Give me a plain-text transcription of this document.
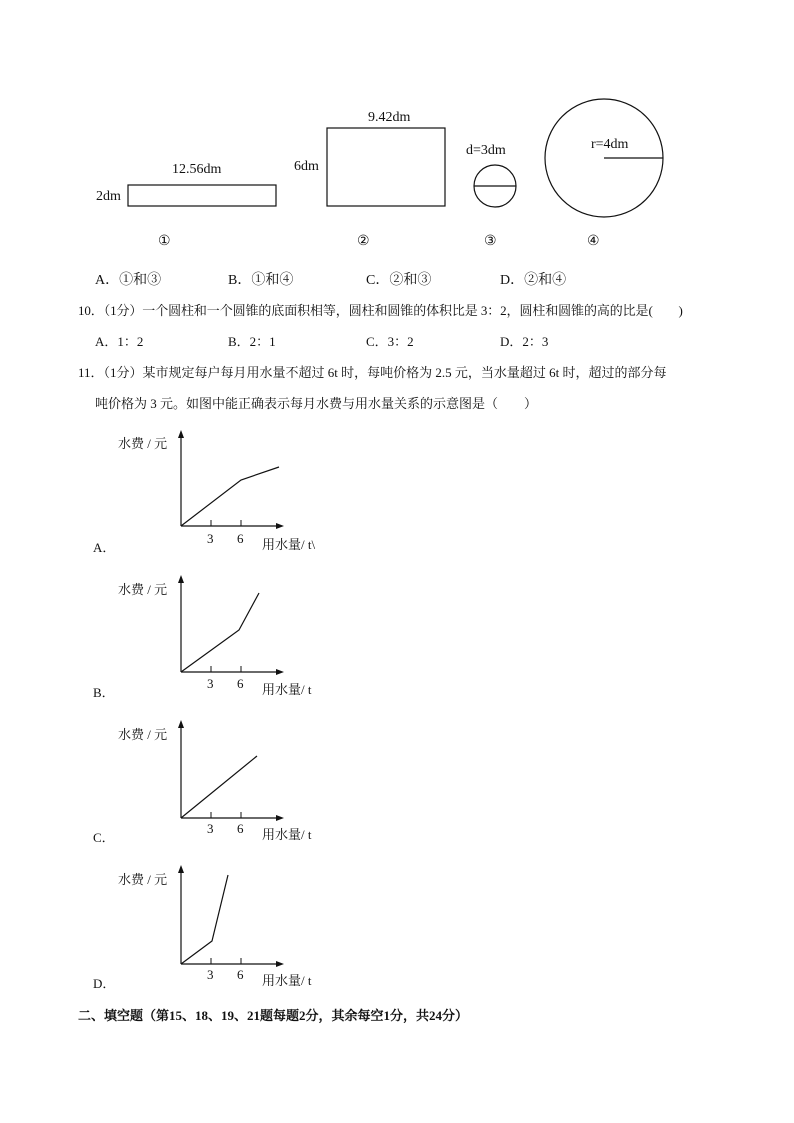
12.56dm
2dm
9.42dm
6dm
d=3dm	r=4dm
①	②	③	④
A．①和③	B．①和④	C．②和③	D．②和④
10．（1分）一个圆柱和一个圆锥的底面积相等，圆柱和圆锥的体积比是 3：2，圆柱和圆锥的高的比是(　　)
A．1：2	B．2：1	C．3：2	D．2：3
11．（1分）某市规定每户每月用水量不超过 6t 时，每吨价格为 2.5 元，当水量超过 6t 时，超过的部分每
吨价格为 3 元。如图中能正确表示每月水费与用水量关系的示意图是（　　）
水费 / 元
用水量/ t\
3 6
A．
水费 / 元
用水量/ t
3 6
B．
水费 / 元
用水量/ t
3 6
C．
水费 / 元
用水量/ t
3 6
D．
二、填空题（第15、18、19、21题每题2分，其余每空1分，共24分）
